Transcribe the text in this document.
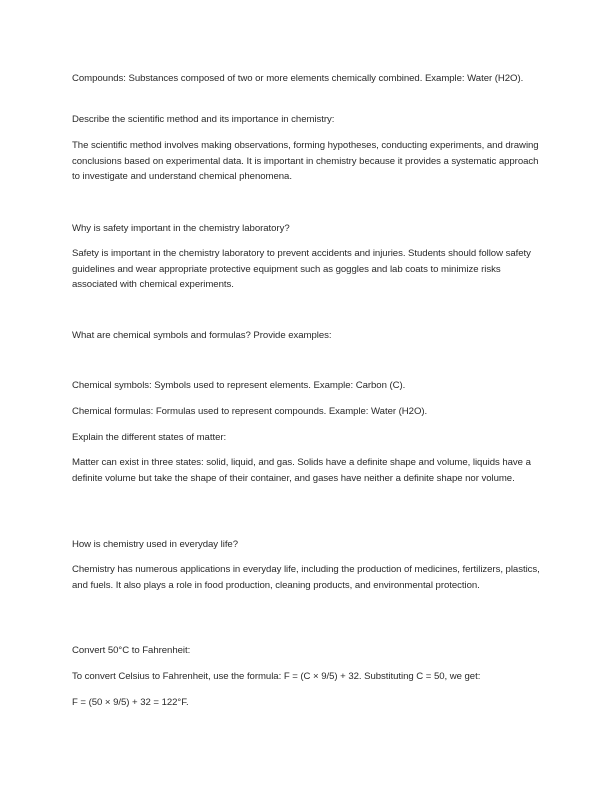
Compounds: Substances composed of two or more elements chemically combined. Example: Water (H2O).

Describe the scientific method and its importance in chemistry:

The scientific method involves making observations, forming hypotheses, conducting experiments, and drawing conclusions based on experimental data. It is important in chemistry because it provides a systematic approach to investigate and understand chemical phenomena.

Why is safety important in the chemistry laboratory?

Safety is important in the chemistry laboratory to prevent accidents and injuries. Students should follow safety guidelines and wear appropriate protective equipment such as goggles and lab coats to minimize risks associated with chemical experiments.

What are chemical symbols and formulas? Provide examples:

Chemical symbols: Symbols used to represent elements. Example: Carbon (C).

Chemical formulas: Formulas used to represent compounds. Example: Water (H2O).

Explain the different states of matter:

Matter can exist in three states: solid, liquid, and gas. Solids have a definite shape and volume, liquids have a definite volume but take the shape of their container, and gases have neither a definite shape nor volume.

How is chemistry used in everyday life?

Chemistry has numerous applications in everyday life, including the production of medicines, fertilizers, plastics, and fuels. It also plays a role in food production, cleaning products, and environmental protection.

Convert 50°C to Fahrenheit:

To convert Celsius to Fahrenheit, use the formula: F = (C × 9/5) + 32. Substituting C = 50, we get:

F = (50 × 9/5) + 32 = 122°F.
